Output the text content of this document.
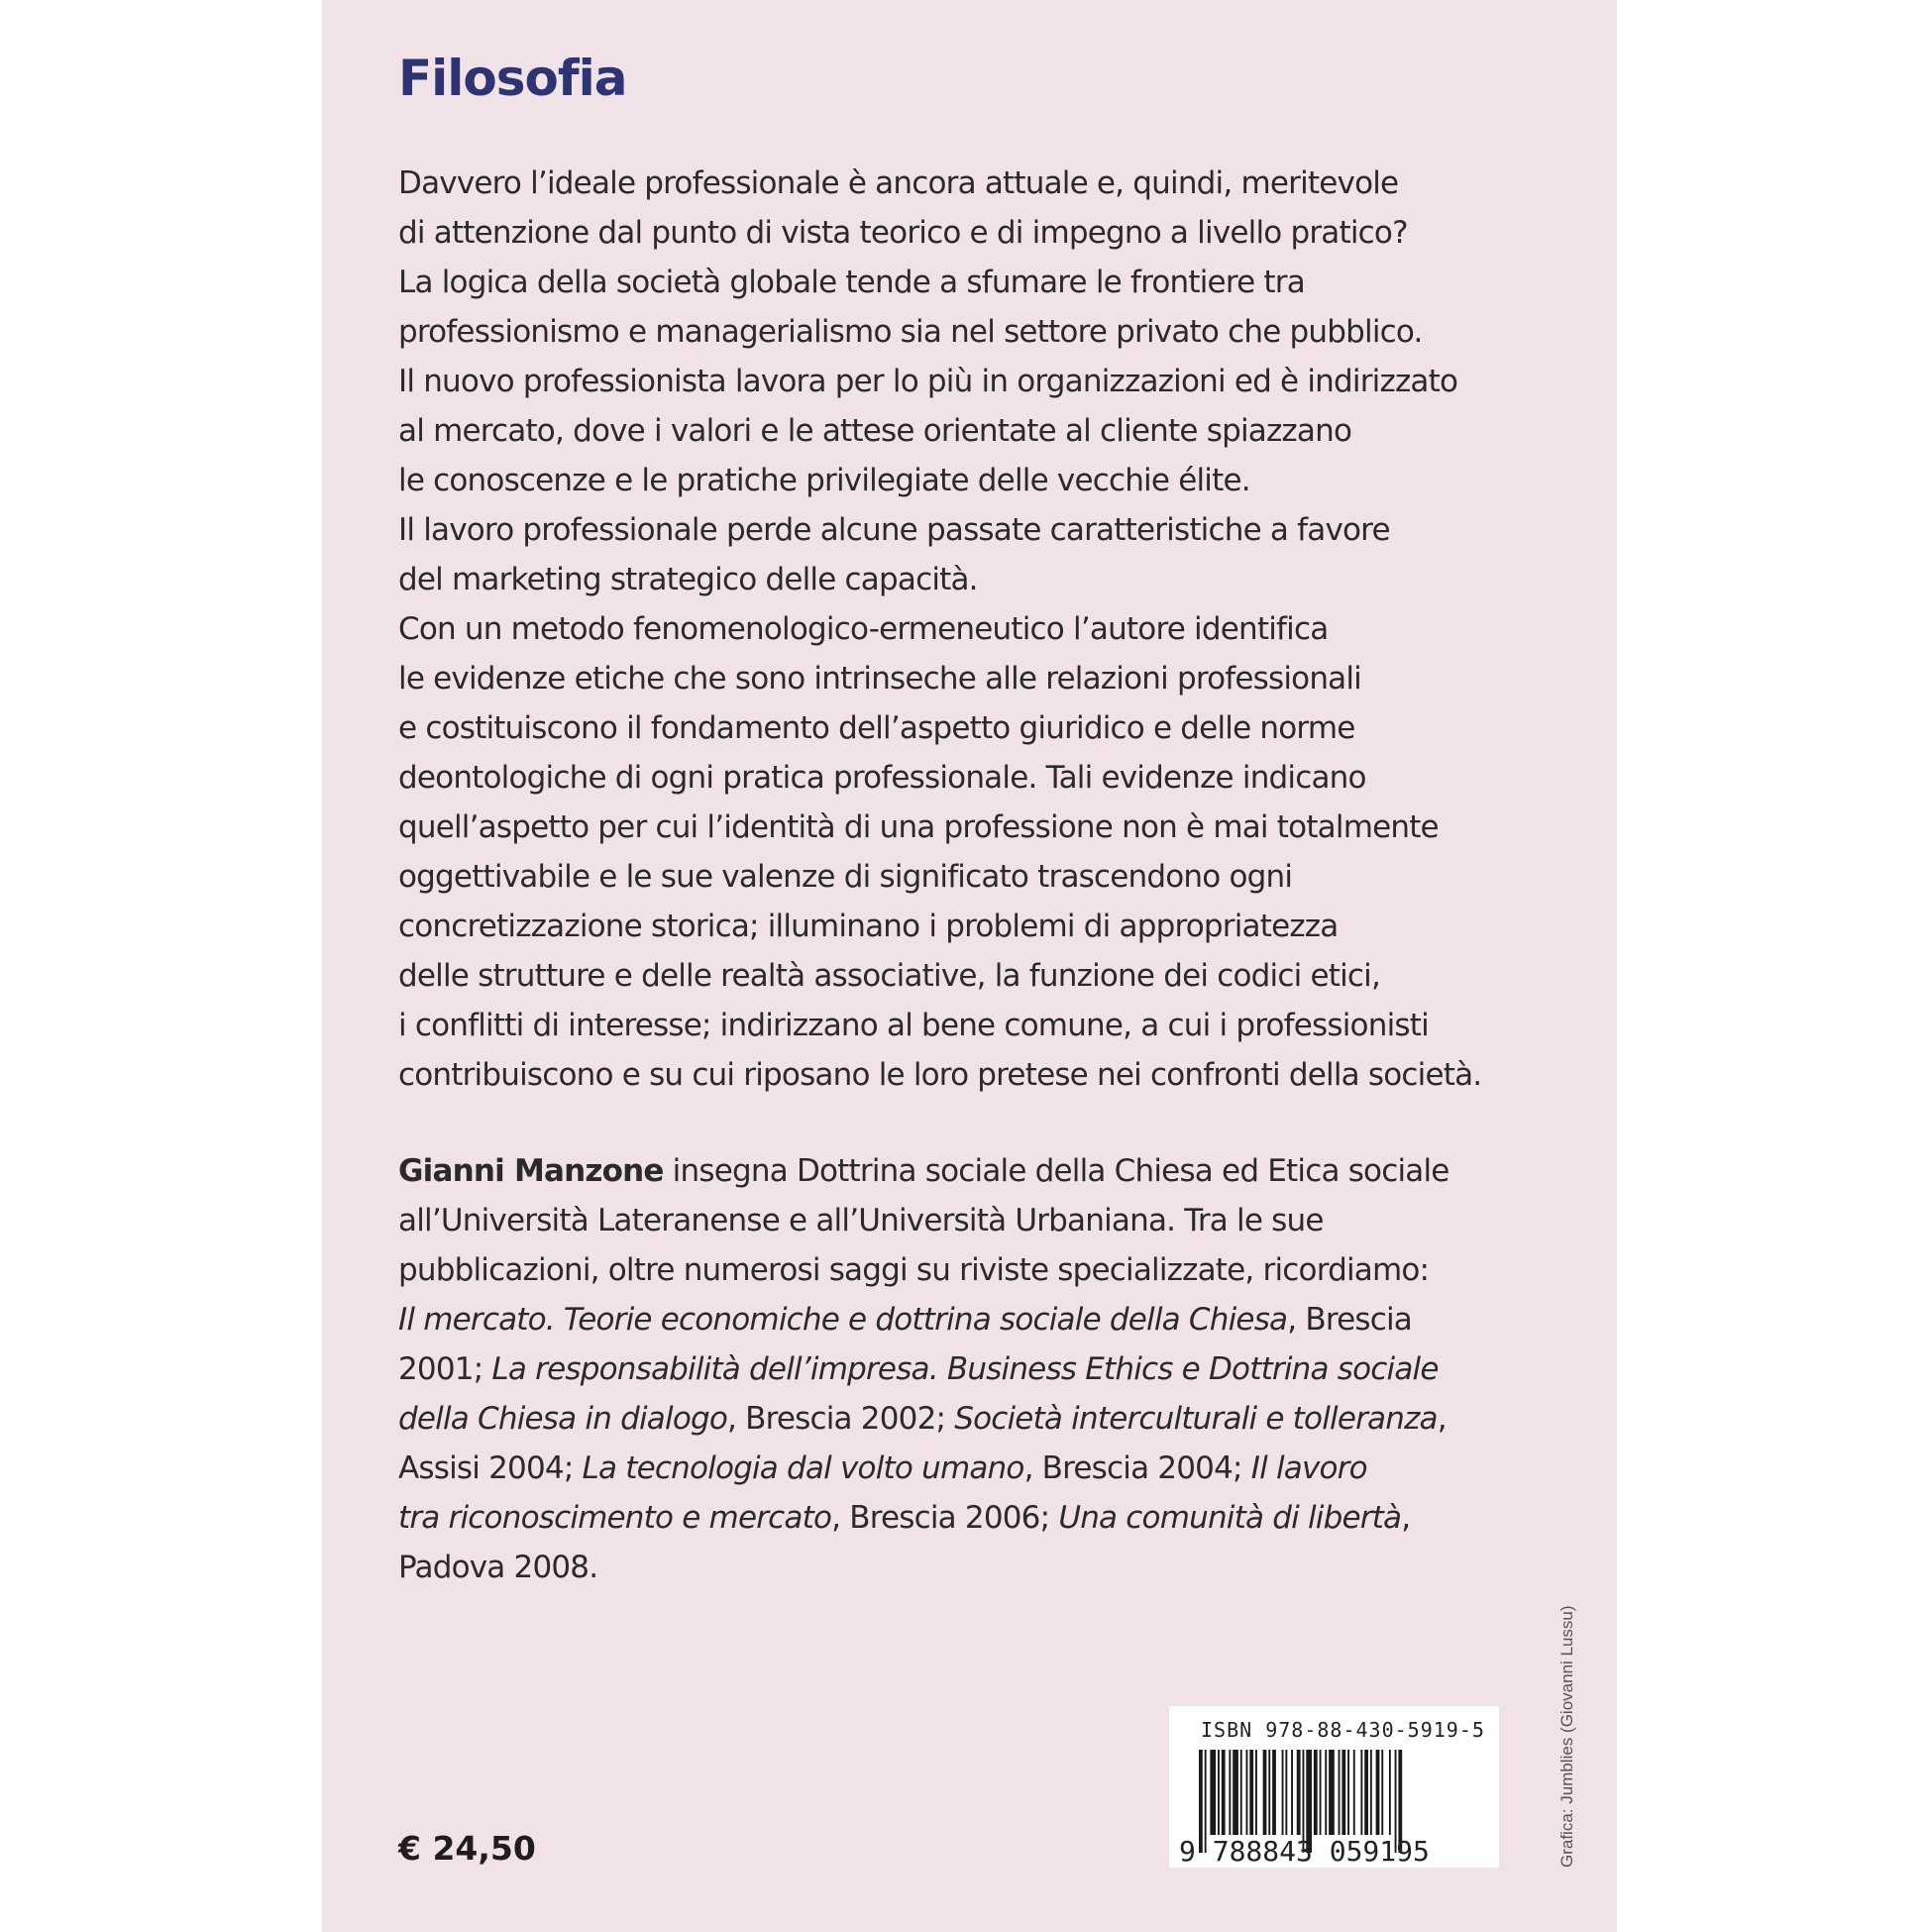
Filosofia
Davvero l’ideale professionale è ancora attuale e, quindi, meritevole
di attenzione dal punto di vista teorico e di impegno a livello pratico?
La logica della società globale tende a sfumare le frontiere tra
professionismo e managerialismo sia nel settore privato che pubblico.
Il nuovo professionista lavora per lo più in organizzazioni ed è indirizzato
al mercato, dove i valori e le attese orientate al cliente spiazzano
le conoscenze e le pratiche privilegiate delle vecchie élite.
Il lavoro professionale perde alcune passate caratteristiche a favore
del marketing strategico delle capacità.
Con un metodo fenomenologico-ermeneutico l’autore identifica
le evidenze etiche che sono intrinseche alle relazioni professionali
e costituiscono il fondamento dell’aspetto giuridico e delle norme
deontologiche di ogni pratica professionale. Tali evidenze indicano
quell’aspetto per cui l’identità di una professione non è mai totalmente
oggettivabile e le sue valenze di significato trascendono ogni
concretizzazione storica; illuminano i problemi di appropriatezza
delle strutture e delle realtà associative, la funzione dei codici etici,
i conflitti di interesse; indirizzano al bene comune, a cui i professionisti
contribuiscono e su cui riposano le loro pretese nei confronti della società.
Gianni Manzone insegna Dottrina sociale della Chiesa ed Etica sociale
all’Università Lateranense e all’Università Urbaniana. Tra le sue
pubblicazioni, oltre numerosi saggi su riviste specializzate, ricordiamo:
Il mercato. Teorie economiche e dottrina sociale della Chiesa, Brescia
2001; La responsabilità dell’impresa. Business Ethics e Dottrina sociale
della Chiesa in dialogo, Brescia 2002; Società interculturali e tolleranza,
Assisi 2004; La tecnologia dal volto umano, Brescia 2004; Il lavoro
tra riconoscimento e mercato, Brescia 2006; Una comunità di libertà,
Padova 2008.
€ 24,50
ISBN 978-88-430-5919-5
9 788843 059195	Grafica: Jumblies (Giovanni Lussu)
